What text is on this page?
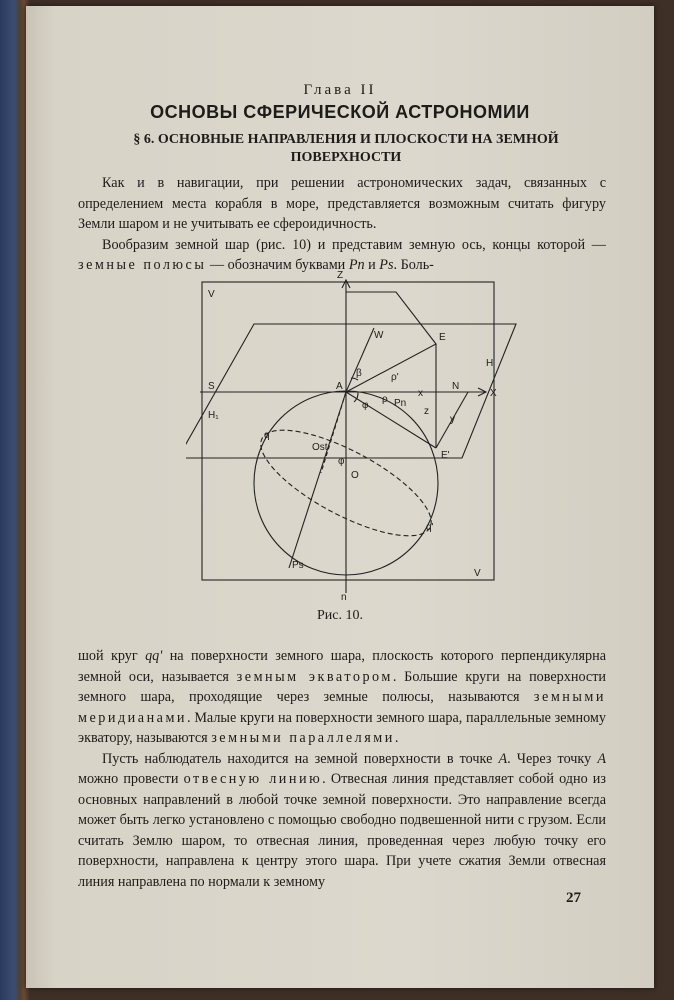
Глава II
ОСНОВЫ СФЕРИЧЕСКОЙ АСТРОНОМИИ
§ 6. ОСНОВНЫЕ НАПРАВЛЕНИЯ И ПЛОСКОСТИ НА ЗЕМНОЙ ПОВЕРХНОСТИ

Как и в навигации, при решении астрономических задач, связанных с определением места корабля в море, представляется возможным считать фигуру Земли шаром и не учитывать ее сфероидичность.

Вообразим земной шар (рис. 10) и представим земную ось, концы которой — земные полюсы — обозначим буквами Pn и Ps. Боль-

Z
V
V
S	A
x
N
X
H
H₁
W	E
E'
q
q'
Ost
O
Ps
Pn
n
β	ρ'
ρ
φ
φ
z
y
Рис. 10.

шой круг qq' на поверхности земного шара, плоскость которого перпендикулярна земной оси, называется земным экватором. Большие круги на поверхности земного шара, проходящие через земные полюсы, называются земными меридианами. Малые круги на поверхности земного шара, параллельные земному экватору, называются земными параллелями.

Пусть наблюдатель находится на земной поверхности в точке A. Через точку A можно провести отвесную линию. Отвесная линия представляет собой одно из основных направлений в любой точке земной поверхности. Это направление всегда может быть легко установлено с помощью свободно подвешенной нити с грузом. Если считать Землю шаром, то отвесная линия, проведенная через любую точку его поверхности, направлена к центру этого шара. При учете сжатия Земли отвесная линия направлена по нормали к земному

27
